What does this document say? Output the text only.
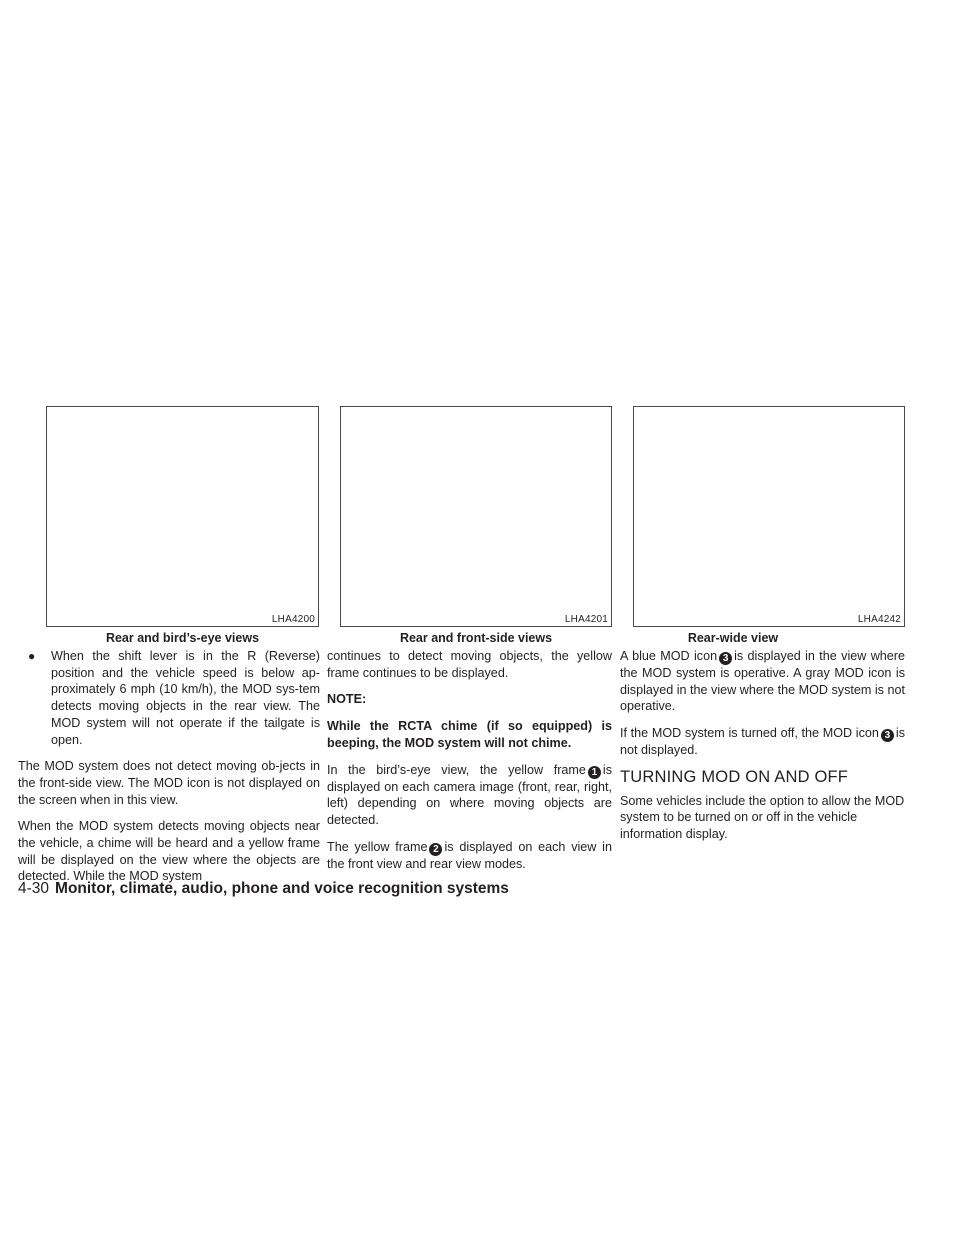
LHA4200	LHA4201	LHA4242
Rear and bird’s-eye views	Rear and front-side views	Rear-wide view
●	When the shift lever is in the R (Reverse) position and the vehicle speed is below ap-proximately 6 mph (10 km/h), the MOD sys-tem detects moving objects in the rear view. The MOD system will not operate if the tailgate is open.

The MOD system does not detect moving ob-jects in the front-side view. The MOD icon is not displayed on the screen when in this view.

When the MOD system detects moving objects near the vehicle, a chime will be heard and a yellow frame will be displayed on the view where the objects are detected. While the MOD system

continues to detect moving objects, the yellow frame continues to be displayed.

NOTE:
While the RCTA chime (if so equipped) is beeping, the MOD system will not chime.

In the bird’s-eye view, the yellow frame 1 is displayed on each camera image (front, rear, right, left) depending on where moving objects are detected.

The yellow frame 2 is displayed on each view in the front view and rear view modes.

A blue MOD icon 3 is displayed in the view where the MOD system is operative. A gray MOD icon is displayed in the view where the MOD system is not operative.

If the MOD system is turned off, the MOD icon 3 is not displayed.

TURNING MOD ON AND OFF

Some vehicles include the option to allow the MOD system to be turned on or off in the vehicle information display.

4-30 Monitor, climate, audio, phone and voice recognition systems
